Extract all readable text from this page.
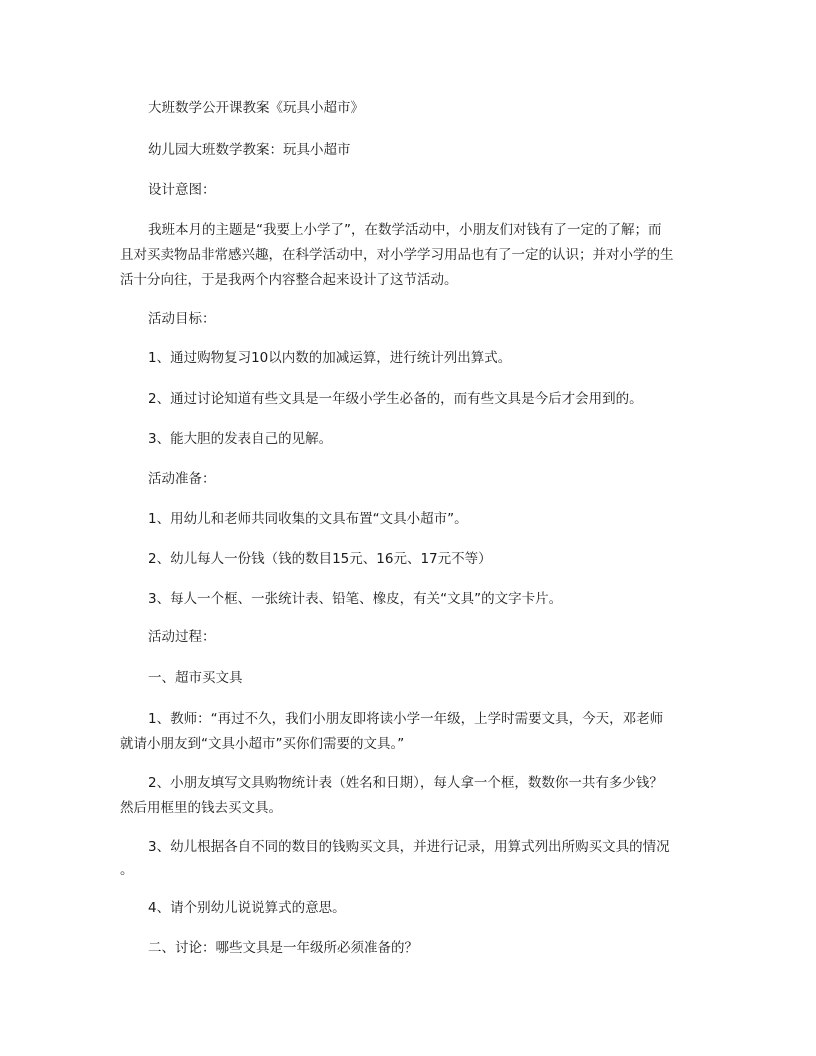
大班数学公开课教案《玩具小超市》
幼儿园大班数学教案：玩具小超市
设计意图：
我班本月的主题是“我要上小学了”，在数学活动中，小朋友们对钱有了一定的了解；而
且对买卖物品非常感兴趣，在科学活动中，对小学学习用品也有了一定的认识；并对小学的生
活十分向往，于是我两个内容整合起来设计了这节活动。
活动目标：
1、通过购物复习10以内数的加减运算，进行统计列出算式。
2、通过讨论知道有些文具是一年级小学生必备的，而有些文具是今后才会用到的。
3、能大胆的发表自己的见解。
活动准备：
1、用幼儿和老师共同收集的文具布置“文具小超市”。
2、幼儿每人一份钱（钱的数目15元、16元、17元不等）
3、每人一个框、一张统计表、铅笔、橡皮，有关“文具”的文字卡片。
活动过程：
一、超市买文具
1、教师：“再过不久，我们小朋友即将读小学一年级，上学时需要文具，今天，邓老师
就请小朋友到“文具小超市”买你们需要的文具。”
2、小朋友填写文具购物统计表（姓名和日期），每人拿一个框，数数你一共有多少钱？
然后用框里的钱去买文具。
3、幼儿根据各自不同的数目的钱购买文具，并进行记录，用算式列出所购买文具的情况
。
4、请个别幼儿说说算式的意思。
二、讨论：哪些文具是一年级所必须准备的？
